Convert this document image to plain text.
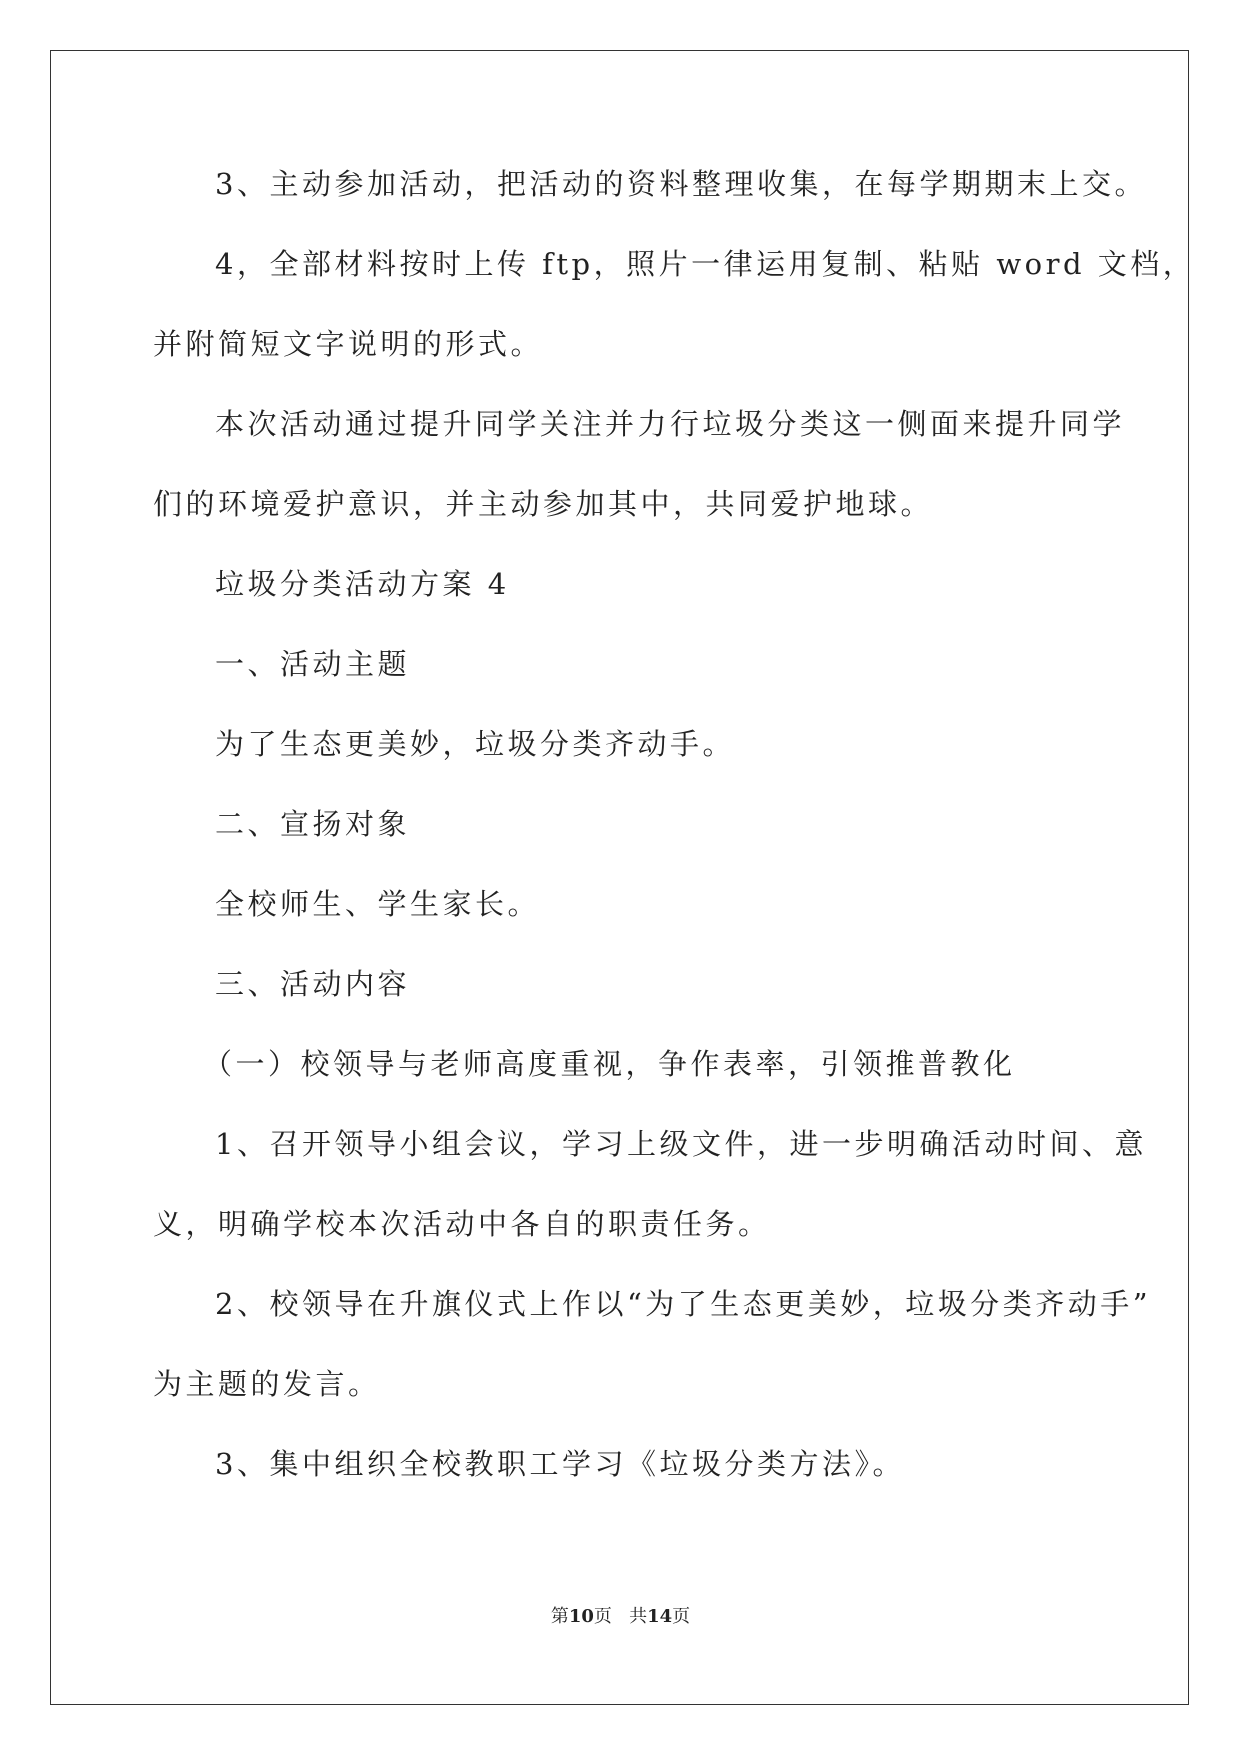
3、主动参加活动，把活动的资料整理收集，在每学期期末上交。
4，全部材料按时上传 ftp，照片一律运用复制、粘贴 word 文档，
并附简短文字说明的形式。
本次活动通过提升同学关注并力行垃圾分类这一侧面来提升同学
们的环境爱护意识，并主动参加其中，共同爱护地球。
垃圾分类活动方案 4
一、活动主题
为了生态更美妙，垃圾分类齐动手。
二、宣扬对象
全校师生、学生家长。
三、活动内容
（一）校领导与老师高度重视，争作表率，引领推普教化
1、召开领导小组会议，学习上级文件，进一步明确活动时间、意
义，明确学校本次活动中各自的职责任务。
2、校领导在升旗仪式上作以“为了生态更美妙，垃圾分类齐动手”
为主题的发言。
3、集中组织全校教职工学习《垃圾分类方法》。
第10页 共14页
